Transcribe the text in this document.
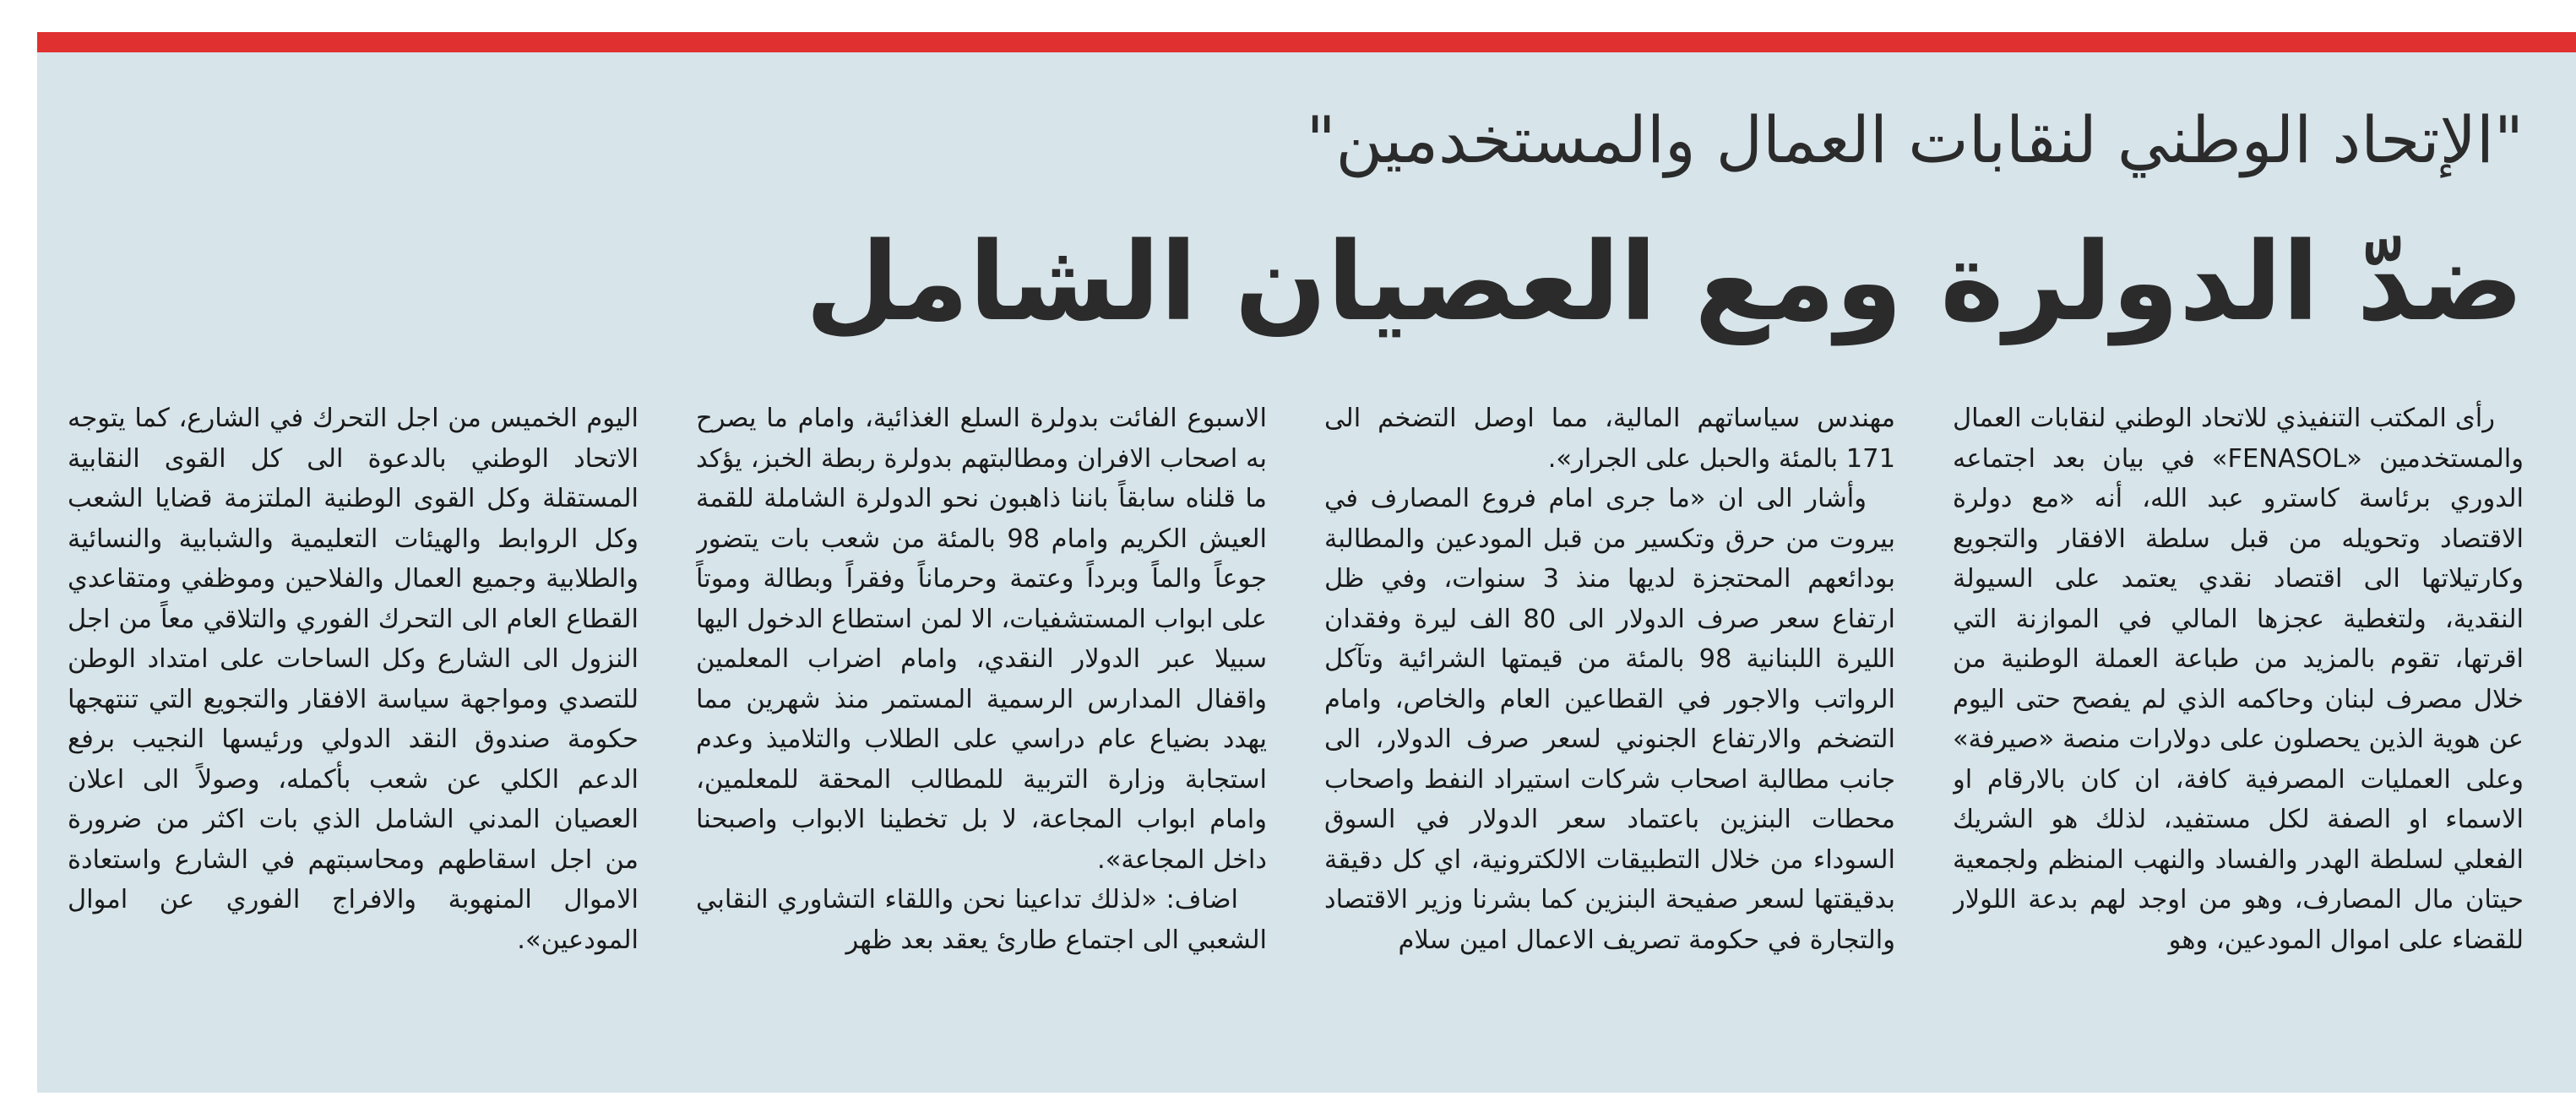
"الإتحاد الوطني لنقابات العمال والمستخدمين"
ضدّ الدولرة ومع العصيان الشامل

رأى المكتب التنفيذي للاتحاد الوطني لنقابات العمال والمستخدمين «FENASOL» في بيان بعد اجتماعه الدوري برئاسة كاسترو عبد الله، أنه «مع دولرة الاقتصاد وتحويله من قبل سلطة الافقار والتجويع وكارتيلاتها الى اقتصاد نقدي يعتمد على السيولة النقدية، ولتغطية عجزها المالي في الموازنة التي اقرتها، تقوم بالمزيد من طباعة العملة الوطنية من خلال مصرف لبنان وحاكمه الذي لم يفصح حتى اليوم عن هوية الذين يحصلون على دولارات منصة «صيرفة» وعلى العمليات المصرفية كافة، ان كان بالارقام او الاسماء او الصفة لكل مستفيد، لذلك هو الشريك الفعلي لسلطة الهدر والفساد والنهب المنظم ولجمعية حيتان مال المصارف، وهو من اوجد لهم بدعة اللولار للقضاء على اموال المودعين، وهو

مهندس سياساتهم المالية، مما اوصل التضخم الى 171 بالمئة والحبل على الجرار».

وأشار الى ان «ما جرى امام فروع المصارف في بيروت من حرق وتكسير من قبل المودعين والمطالبة بودائعهم المحتجزة لديها منذ 3 سنوات، وفي ظل ارتفاع سعر صرف الدولار الى 80 الف ليرة وفقدان الليرة اللبنانية 98 بالمئة من قيمتها الشرائية وتآكل الرواتب والاجور في القطاعين العام والخاص، وامام التضخم والارتفاع الجنوني لسعر صرف الدولار، الى جانب مطالبة اصحاب شركات استيراد النفط واصحاب محطات البنزين باعتماد سعر الدولار في السوق السوداء من خلال التطبيقات الالكترونية، اي كل دقيقة بدقيقتها لسعر صفيحة البنزين كما بشرنا وزير الاقتصاد والتجارة في حكومة تصريف الاعمال امين سلام

الاسبوع الفائت بدولرة السلع الغذائية، وامام ما يصرح به اصحاب الافران ومطالبتهم بدولرة ربطة الخبز، يؤكد ما قلناه سابقاً باننا ذاهبون نحو الدولرة الشاملة للقمة العيش الكريم وامام 98 بالمئة من شعب بات يتضور جوعاً والماً وبرداً وعتمة وحرماناً وفقراً وبطالة وموتاً على ابواب المستشفيات، الا لمن استطاع الدخول اليها سبيلا عبر الدولار النقدي، وامام اضراب المعلمين واقفال المدارس الرسمية المستمر منذ شهرين مما يهدد بضياع عام دراسي على الطلاب والتلاميذ وعدم استجابة وزارة التربية للمطالب المحقة للمعلمين، وامام ابواب المجاعة، لا بل تخطينا الابواب واصبحنا داخل المجاعة».

اضاف: «لذلك تداعينا نحن واللقاء التشاوري النقابي الشعبي الى اجتماع طارئ يعقد بعد ظهر

اليوم الخميس من اجل التحرك في الشارع، كما يتوجه الاتحاد الوطني بالدعوة الى كل القوى النقابية المستقلة وكل القوى الوطنية الملتزمة قضايا الشعب وكل الروابط والهيئات التعليمية والشبابية والنسائية والطلابية وجميع العمال والفلاحين وموظفي ومتقاعدي القطاع العام الى التحرك الفوري والتلاقي معاً من اجل النزول الى الشارع وكل الساحات على امتداد الوطن للتصدي ومواجهة سياسة الافقار والتجويع التي تنتهجها حكومة صندوق النقد الدولي ورئيسها النجيب برفع الدعم الكلي عن شعب بأكمله، وصولاً الى اعلان العصيان المدني الشامل الذي بات اكثر من ضرورة من اجل اسقاطهم ومحاسبتهم في الشارع واستعادة الاموال المنهوبة والافراج الفوري عن اموال المودعين».
